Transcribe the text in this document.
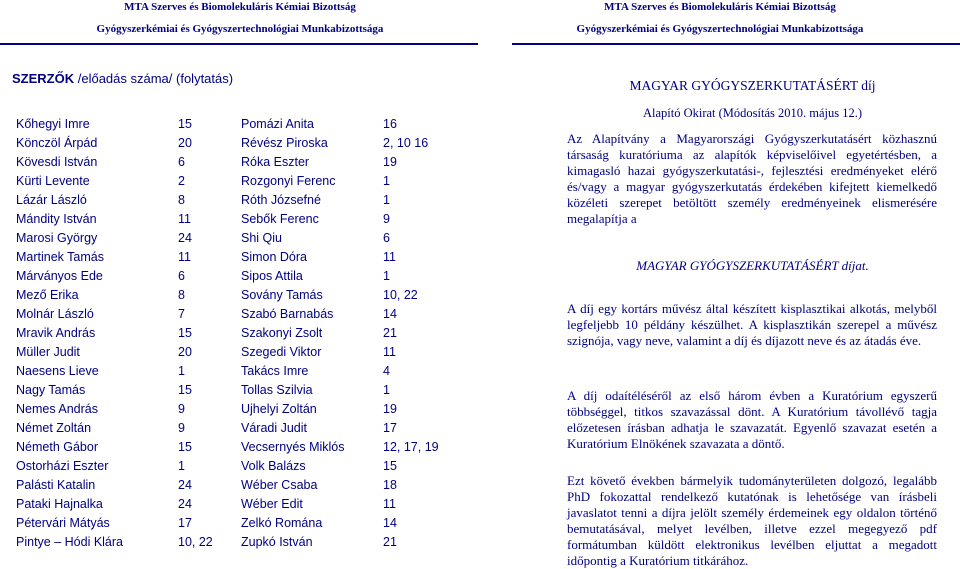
MTA Szerves és Biomolekuláris Kémiai Bizottság
Gyógyszerkémiai és Gyógyszertechnológiai Munkabizottsága
SZERZŐK /előadás száma/ (folytatás)
Kőhegyi Imre	15	Pomázi Anita	16
Könczöl Árpád	20	Révész Piroska	2, 10 16
Kövesdi István	6	Róka Eszter	19
Kürti Levente	2	Rozgonyi Ferenc	1
Lázár László	8	Róth Józsefné	1
Mándity István	11	Sebők Ferenc	9
Marosi György	24	Shi Qiu	6
Martinek Tamás	11	Simon Dóra	11
Márványos Ede	6	Sipos Attila	1
Mező Erika	8	Sovány Tamás	10, 22
Molnár László	7	Szabó Barnabás	14
Mravik András	15	Szakonyi Zsolt	21
Müller Judit	20	Szegedi Viktor	11
Naesens Lieve	1	Takács Imre	4
Nagy Tamás	15	Tollas Szilvia	1
Nemes András	9	Ujhelyi Zoltán	19
Német Zoltán	9	Váradi Judit	17
Németh Gábor	15	Vecsernyés Miklós	12, 17, 19
Ostorházi Eszter	1	Volk Balázs	15
Palásti Katalin	24	Wéber Csaba	18
Pataki Hajnalka	24	Wéber Edit	11
Pétervári Mátyás	17	Zelkó Romána	14
Pintye – Hódi Klára	10, 22 Zupkó István	21
MTA Szerves és Biomolekuláris Kémiai Bizottság
Gyógyszerkémiai és Gyógyszertechnológiai Munkabizottsága
MAGYAR GYÓGYSZERKUTATÁSÉRT díj
Alapító Okirat (Módosítás 2010. május 12.)
Az Alapítvány a Magyarországi Gyógyszerkutatásért közhasznú társaság kuratóriuma az alapítók képviselőivel egyetértésben, a kimagasló hazai gyógyszerkutatási-, fejlesztési eredményeket elérő és/vagy a magyar gyógyszerkutatás érdekében kifejtett kiemelkedő közéleti szerepet betöltött személy eredményeinek elismerésére megalapítja a
MAGYAR GYÓGYSZERKUTATÁSÉRT díjat.
A díj egy kortárs művész által készített kisplasztikai alkotás, melyből legfeljebb 10 példány készülhet. A kisplasztikán szerepel a művész szignója, vagy neve, valamint a díj és díjazott neve és az átadás éve.
A díj odaítéléséről az első három évben a Kuratórium egyszerű többséggel, titkos szavazással dönt. A Kuratórium távollévő tagja előzetesen írásban adhatja le szavazatát. Egyenlő szavazat esetén a Kuratórium Elnökének szavazata a döntő.
Ezt követő években bármelyik tudományterületen dolgozó, legalább PhD fokozattal rendelkező kutatónak is lehetősége van írásbeli javaslatot tenni a díjra jelölt személy érdemeinek egy oldalon történő bemutatásával, melyet levélben, illetve ezzel megegyező pdf formátumban küldött elektronikus levélben eljuttat a megadott időpontig a Kuratórium titkárához.
